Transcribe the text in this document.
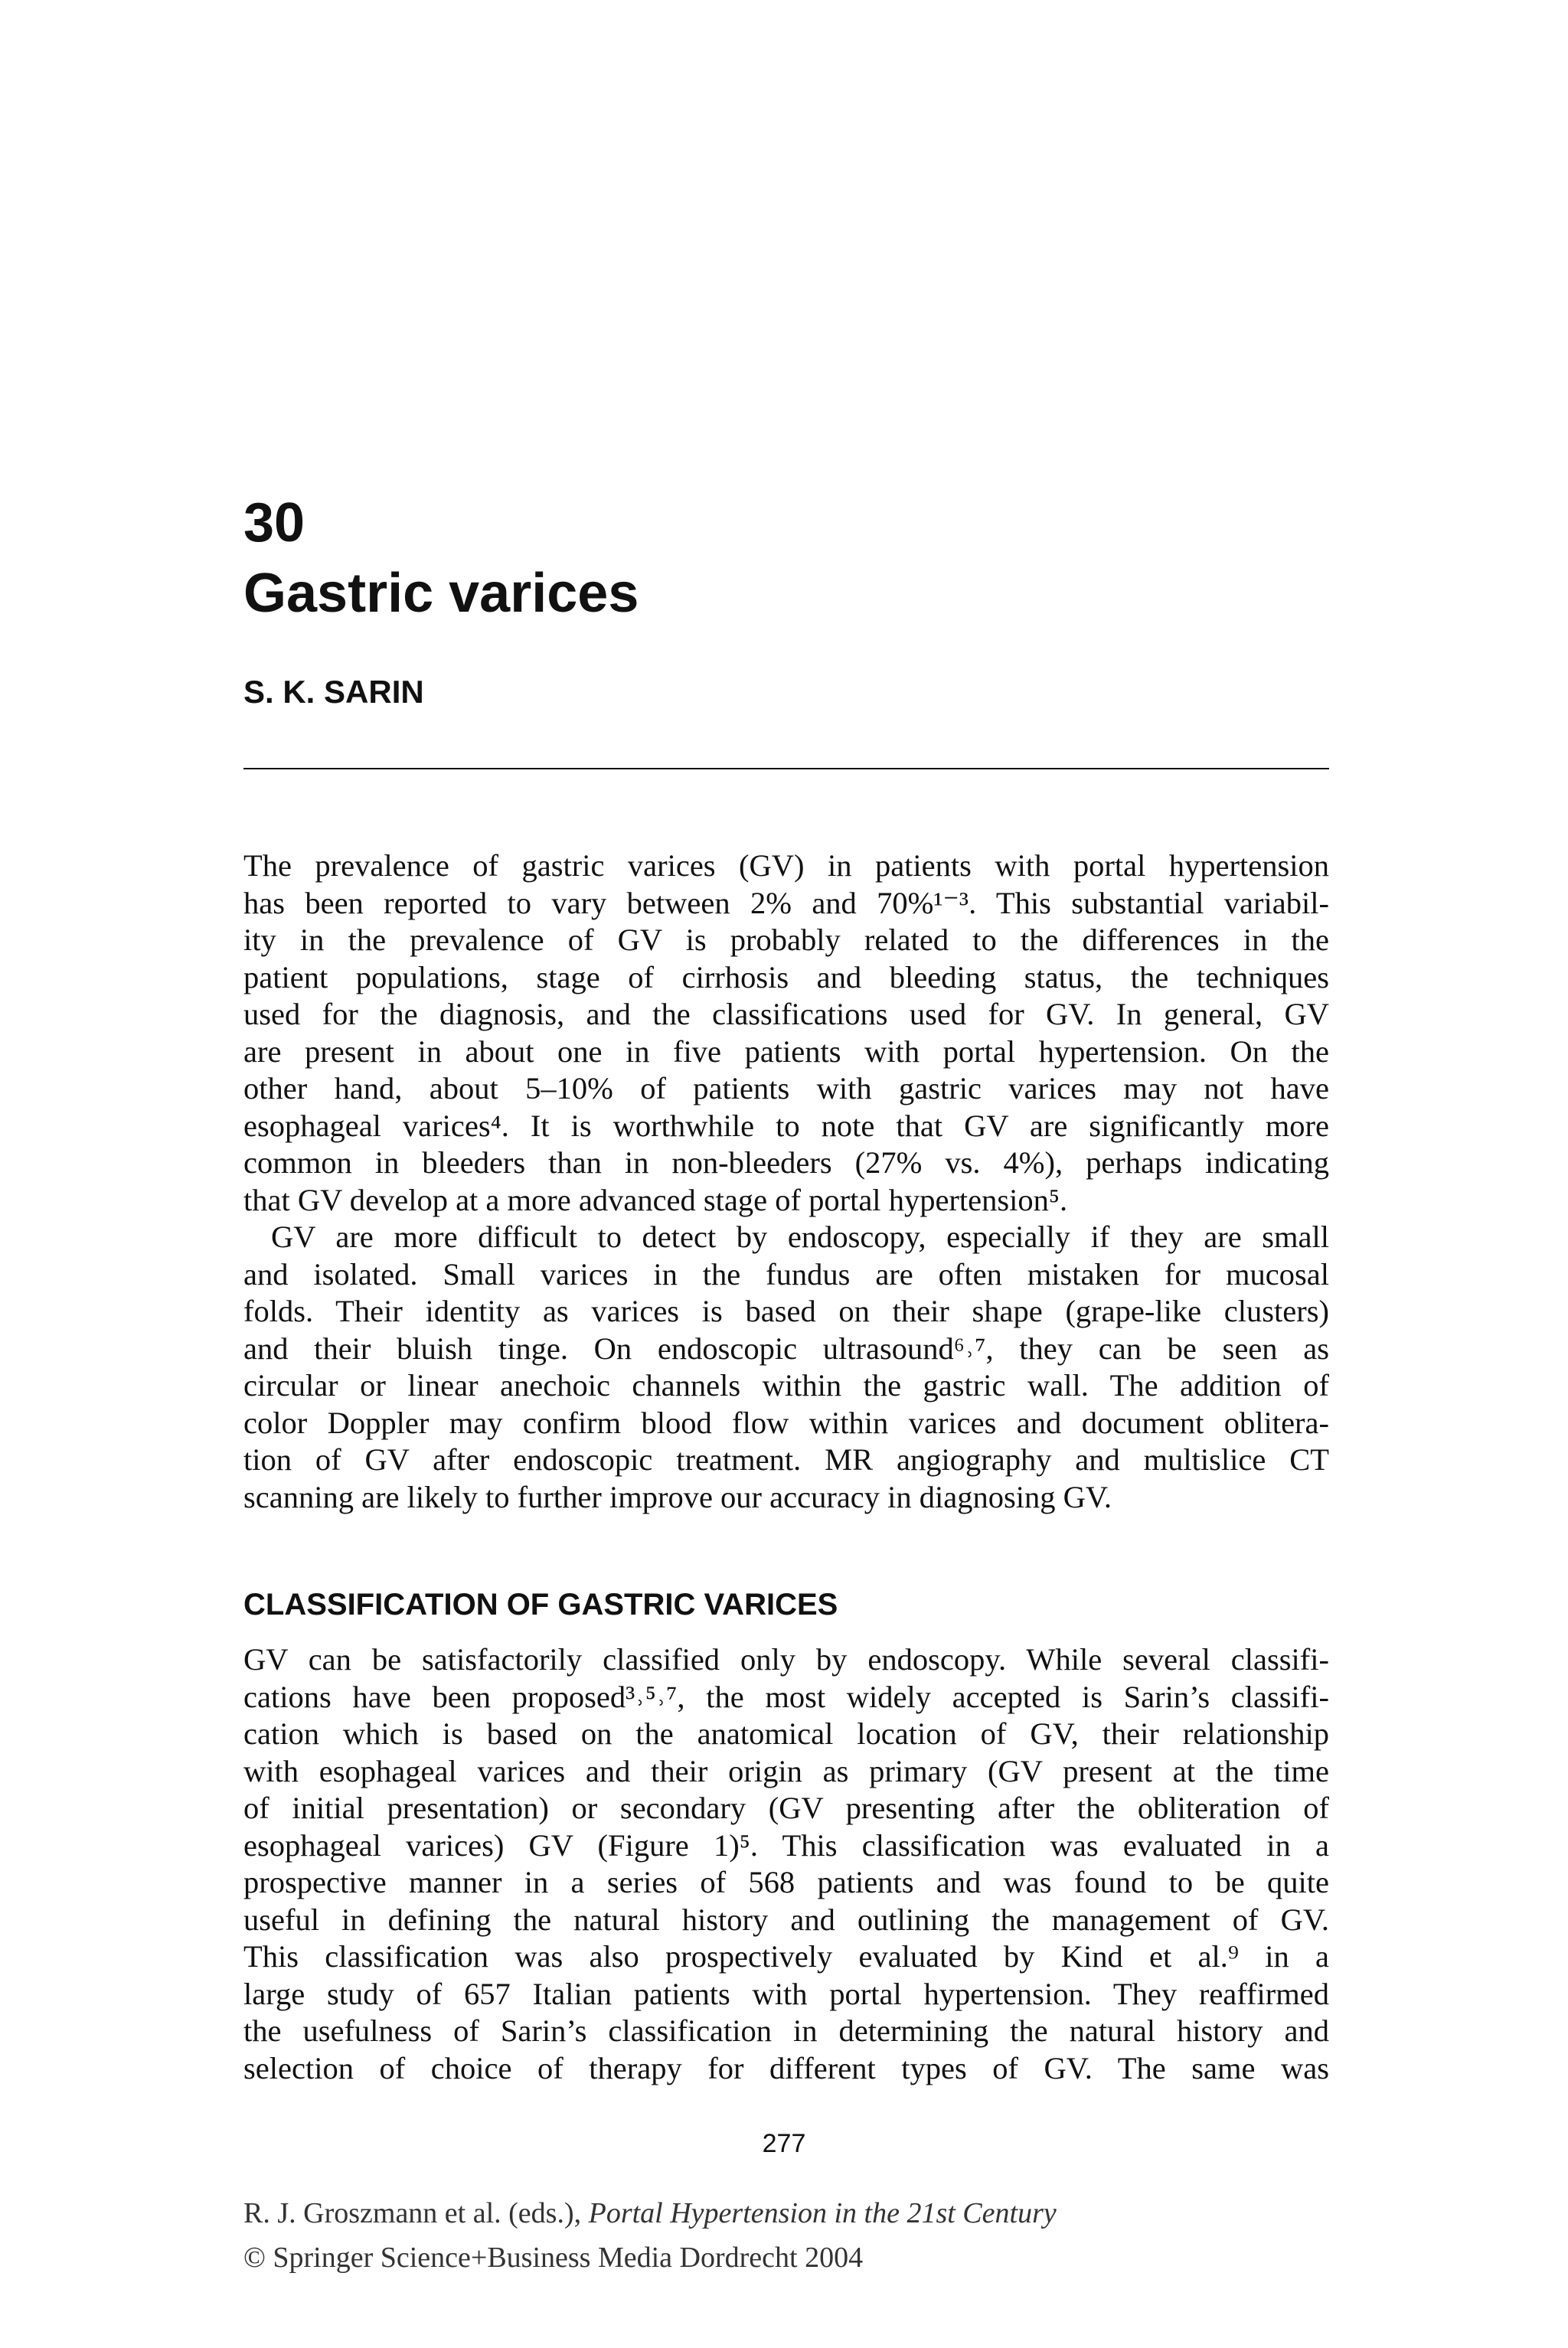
30
Gastric varices
S. K. SARIN
The prevalence of gastric varices (GV) in patients with portal hypertension
has been reported to vary between 2% and 70%¹⁻³. This substantial variabil-
ity in the prevalence of GV is probably related to the differences in the
patient populations, stage of cirrhosis and bleeding status, the techniques
used for the diagnosis, and the classifications used for GV. In general, GV
are present in about one in five patients with portal hypertension. On the
other hand, about 5–10% of patients with gastric varices may not have
esophageal varices⁴. It is worthwhile to note that GV are significantly more
common in bleeders than in non-bleeders (27% vs. 4%), perhaps indicating
that GV develop at a more advanced stage of portal hypertension⁵.
GV are more difficult to detect by endoscopy, especially if they are small
and isolated. Small varices in the fundus are often mistaken for mucosal
folds. Their identity as varices is based on their shape (grape-like clusters)
and their bluish tinge. On endoscopic ultrasound⁶˒⁷, they can be seen as
circular or linear anechoic channels within the gastric wall. The addition of
color Doppler may confirm blood flow within varices and document oblitera-
tion of GV after endoscopic treatment. MR angiography and multislice CT
scanning are likely to further improve our accuracy in diagnosing GV.
CLASSIFICATION OF GASTRIC VARICES
GV can be satisfactorily classified only by endoscopy. While several classifi-
cations have been proposed³˒⁵˒⁷, the most widely accepted is Sarin’s classifi-
cation which is based on the anatomical location of GV, their relationship
with esophageal varices and their origin as primary (GV present at the time
of initial presentation) or secondary (GV presenting after the obliteration of
esophageal varices) GV (Figure 1)⁵. This classification was evaluated in a
prospective manner in a series of 568 patients and was found to be quite
useful in defining the natural history and outlining the management of GV.
This classification was also prospectively evaluated by Kind et al.⁹ in a
large study of 657 Italian patients with portal hypertension. They reaffirmed
the usefulness of Sarin’s classification in determining the natural history and
selection of choice of therapy for different types of GV. The same was

277

R. J. Groszmann et al. (eds.), Portal Hypertension in the 21st Century

© Springer Science+Business Media Dordrecht 2004
